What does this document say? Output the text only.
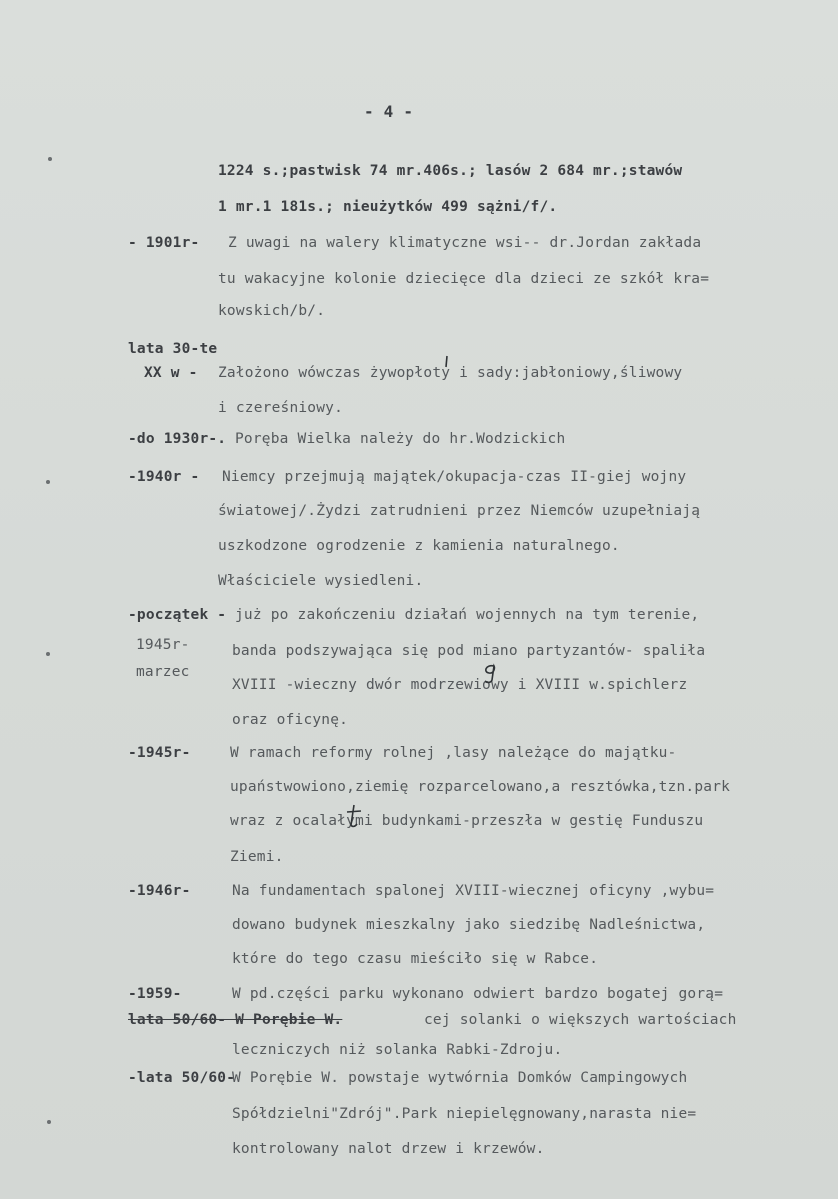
- 4 -
1224 s.;pastwisk 74 mr.406s.; lasów 2 684 mr.;stawów
1 mr.1 181s.; nieużytków 499 sążni/f/.
- 1901r- Z uwagi na walery klimatyczne wsi-- dr.Jordan zakłada
tu wakacyjne kolonie dziecięce dla dzieci ze szkół kra=
kowskich/b/.
lata 30-te
XX w - Założono wówczas żywopłoty i sady:jabłoniowy,śliwowy
i czereśniowy.
-do 1930r-. Poręba Wielka należy do hr.Wodzickich
-1940r - Niemcy przejmują majątek/okupacja-czas II-giej wojny
światowej/.Żydzi zatrudnieni przez Niemców uzupełniają
uszkodzone ogrodzenie z kamienia naturalnego.
Właściciele wysiedleni.
-początek - już po zakończeniu działań wojennych na tym terenie,
1945r-	banda podszywająca się pod miano partyzantów- spaliła
marzec
XVIII -wieczny dwór modrzewiowy i XVIII w.spichlerz
oraz oficynę.
-1945r-	W ramach reformy rolnej ,lasy należące do majątku-
upaństwowiono,ziemię rozparcelowano,a resztówka,tzn.park
wraz z ocalałymi budynkami-przeszła w gestię Funduszu
Ziemi.
-1946r-	Na fundamentach spalonej XVIII-wiecznej oficyny ,wybu=
dowano budynek mieszkalny jako siedzibę Nadleśnictwa,
które do tego czasu mieściło się w Rabce.
-1959-	W pd.części parku wykonano odwiert bardzo bogatej gorą=
lata 50/60- W Porębie W.	cej solanki o większych wartościach
leczniczych niż solanka Rabki-Zdroju.
-lata 50/60-
W Porębie W. powstaje wytwórnia Domków Campingowych
Spółdzielni"Zdrój".Park niepielęgnowany,narasta nie=
kontrolowany nalot drzew i krzewów.
